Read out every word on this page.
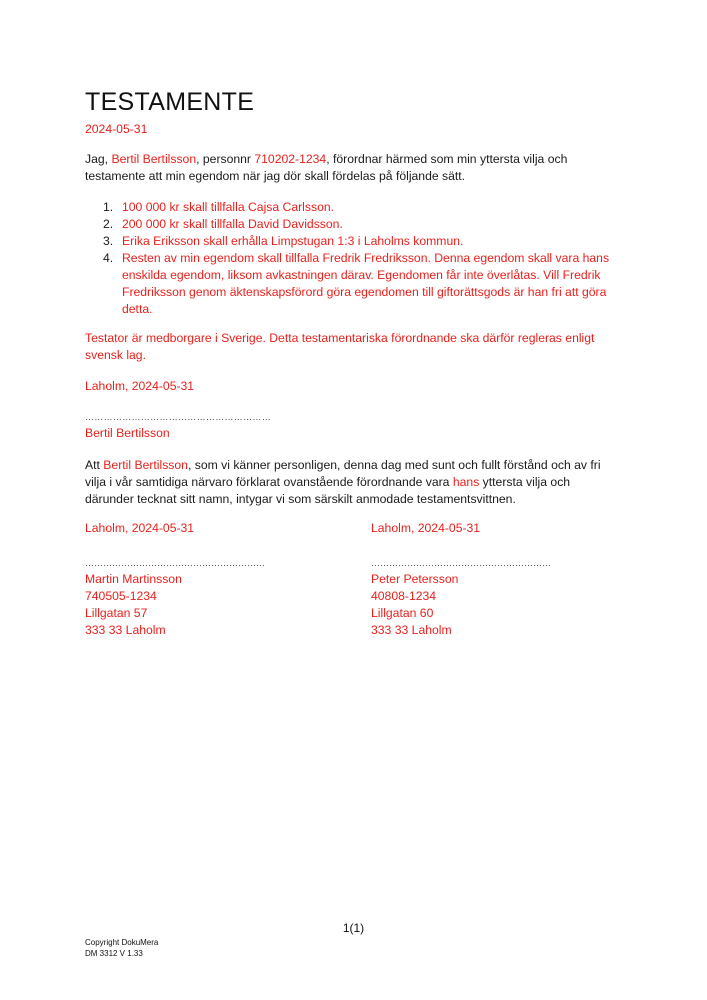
TESTAMENTE
2024-05-31

Jag, Bertil Bertilsson, personnr 710202-1234, förordnar härmed som min yttersta vilja och testamente att min egendom när jag dör skall fördelas på följande sätt.

1. 100 000 kr skall tillfalla Cajsa Carlsson.
2. 200 000 kr skall tillfalla David Davidsson.
3. Erika Eriksson skall erhålla Limpstugan 1:3 i Laholms kommun.
4. Resten av min egendom skall tillfalla Fredrik Fredriksson. Denna egendom skall vara hans enskilda egendom, liksom avkastningen därav. Egendomen får inte överlåtas. Vill Fredrik Fredriksson genom äktenskapsförord göra egendomen till giftorättsgods är han fri att göra detta.

Testator är medborgare i Sverige. Detta testamentariska förordnande ska därför regleras enligt svensk lag.

Laholm, 2024-05-31

……………………………………………………

Bertil Bertilsson

Att Bertil Bertilsson, som vi känner personligen, denna dag med sunt och fullt förstånd och av fri vilja i vår samtidiga närvaro förklarat ovanstående förordnande vara hans yttersta vilja och därunder tecknat sitt namn, intygar vi som särskilt anmodade testamentsvittnen.

Laholm, 2024-05-31
……………………………………………………
Martin Martinsson
740505-1234
Lillgatan 57
333 33 Laholm
Laholm, 2024-05-31
……………………………………………………
Peter Petersson
40808-1234
Lillgatan 60
333 33 Laholm
1(1)
Copyright DokuMera
DM 3312 V 1.33
